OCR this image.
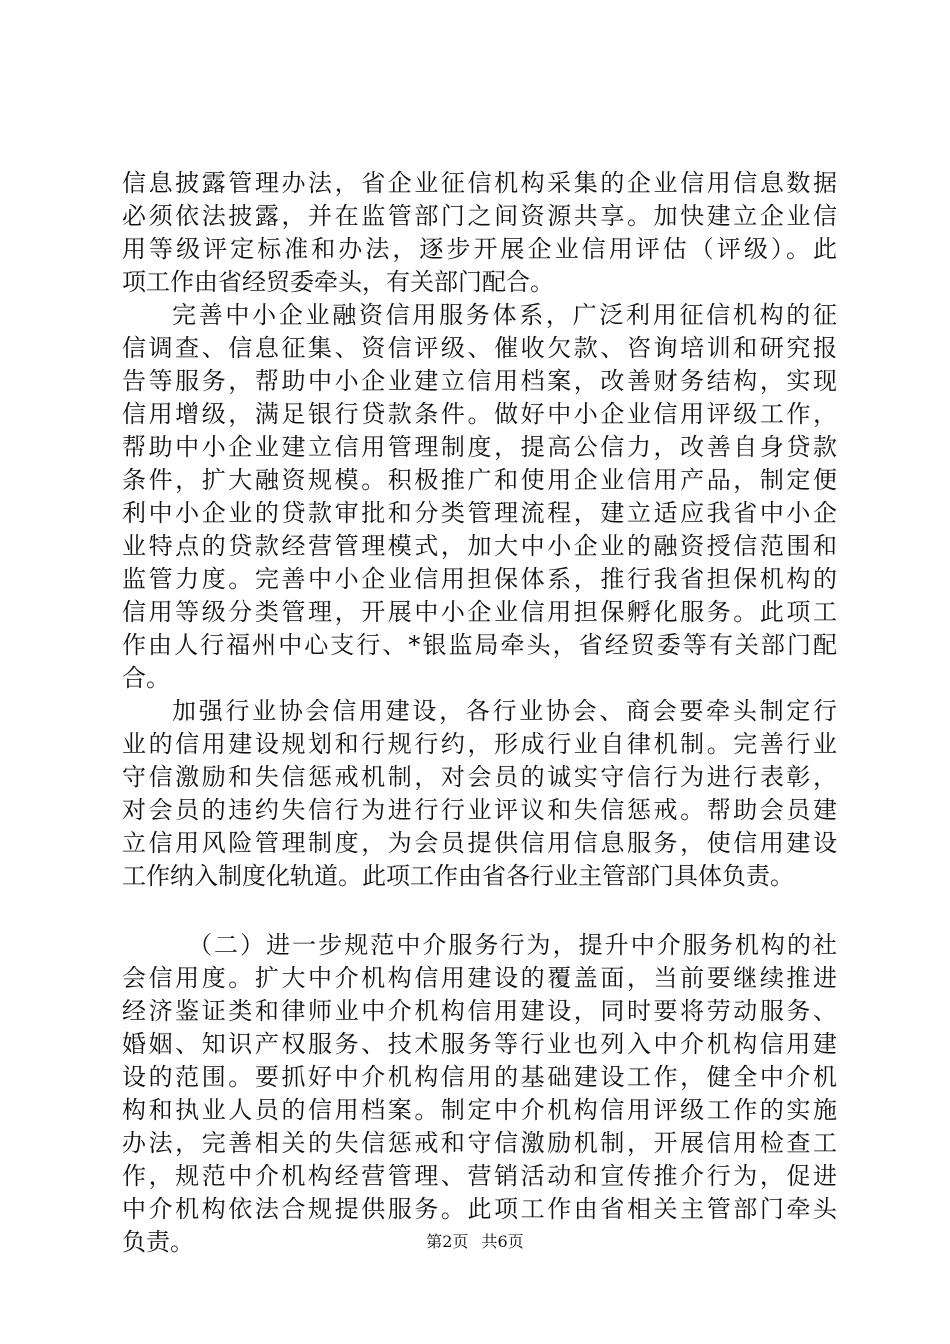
信息披露管理办法，省企业征信机构采集的企业信用信息数据
必须依法披露，并在监管部门之间资源共享。加快建立企业信
用等级评定标准和办法，逐步开展企业信用评估（评级）。此
项工作由省经贸委牵头，有关部门配合。
完善中小企业融资信用服务体系，广泛利用征信机构的征
信调查、信息征集、资信评级、催收欠款、咨询培训和研究报
告等服务，帮助中小企业建立信用档案，改善财务结构，实现
信用增级，满足银行贷款条件。做好中小企业信用评级工作，
帮助中小企业建立信用管理制度，提高公信力，改善自身贷款
条件，扩大融资规模。积极推广和使用企业信用产品，制定便
利中小企业的贷款审批和分类管理流程，建立适应我省中小企
业特点的贷款经营管理模式，加大中小企业的融资授信范围和
监管力度。完善中小企业信用担保体系，推行我省担保机构的
信用等级分类管理，开展中小企业信用担保孵化服务。此项工
作由人行福州中心支行、*银监局牵头，省经贸委等有关部门配
合。
加强行业协会信用建设，各行业协会、商会要牵头制定行
业的信用建设规划和行规行约，形成行业自律机制。完善行业
守信激励和失信惩戒机制，对会员的诚实守信行为进行表彰，
对会员的违约失信行为进行行业评议和失信惩戒。帮助会员建
立信用风险管理制度，为会员提供信用信息服务，使信用建设
工作纳入制度化轨道。此项工作由省各行业主管部门具体负责。
（二）进一步规范中介服务行为，提升中介服务机构的社
会信用度。扩大中介机构信用建设的覆盖面，当前要继续推进
经济鉴证类和律师业中介机构信用建设，同时要将劳动服务、
婚姻、知识产权服务、技术服务等行业也列入中介机构信用建
设的范围。要抓好中介机构信用的基础建设工作，健全中介机
构和执业人员的信用档案。制定中介机构信用评级工作的实施
办法，完善相关的失信惩戒和守信激励机制，开展信用检查工
作，规范中介机构经营管理、营销活动和宣传推介行为，促进
中介机构依法合规提供服务。此项工作由省相关主管部门牵头
负责。	第2页 共6页
